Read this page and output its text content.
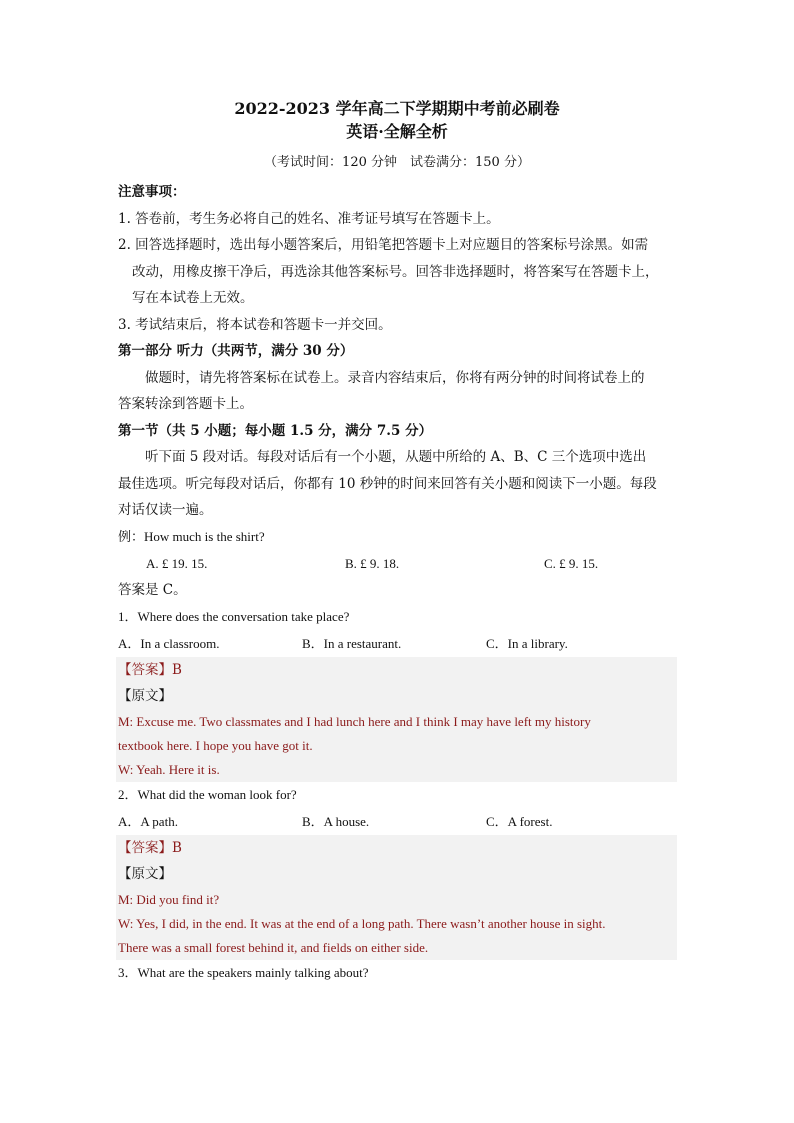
2022-2023 学年高二下学期期中考前必刷卷
英语·全解全析
（考试时间：120 分钟　试卷满分：150 分）
注意事项：
1. 答卷前，考生务必将自己的姓名、准考证号填写在答题卡上。
2. 回答选择题时，选出每小题答案后，用铅笔把答题卡上对应题目的答案标号涂黑。如需
改动，用橡皮擦干净后，再选涂其他答案标号。回答非选择题时，将答案写在答题卡上，
写在本试卷上无效。
3. 考试结束后，将本试卷和答题卡一并交回。
第一部分 听力（共两节，满分 30 分）
做题时，请先将答案标在试卷上。录音内容结束后，你将有两分钟的时间将试卷上的
答案转涂到答题卡上。
第一节（共 5 小题；每小题 1.5 分，满分 7.5 分）
听下面 5 段对话。每段对话后有一个小题，从题中所给的 A、B、C 三个选项中选出
最佳选项。听完每段对话后，你都有 10 秒钟的时间来回答有关小题和阅读下一小题。每段
对话仅读一遍。
例：How much is the shirt?
A. £ 19. 15.	B. £ 9. 18.	C. £ 9. 15.
答案是 C。
1．Where does the conversation take place?
A．In a classroom.	B．In a restaurant.	C．In a library.
【答案】B
【原文】
M: Excuse me. Two classmates and I had lunch here and I think I may have left my history
textbook here. I hope you have got it.
W: Yeah. Here it is.
2．What did the woman look for?
A．A path.	B．A house.	C．A forest.
【答案】B
【原文】
M: Did you find it?
W: Yes, I did, in the end. It was at the end of a long path. There wasn’t another house in sight.
There was a small forest behind it, and fields on either side.
3．What are the speakers mainly talking about?
